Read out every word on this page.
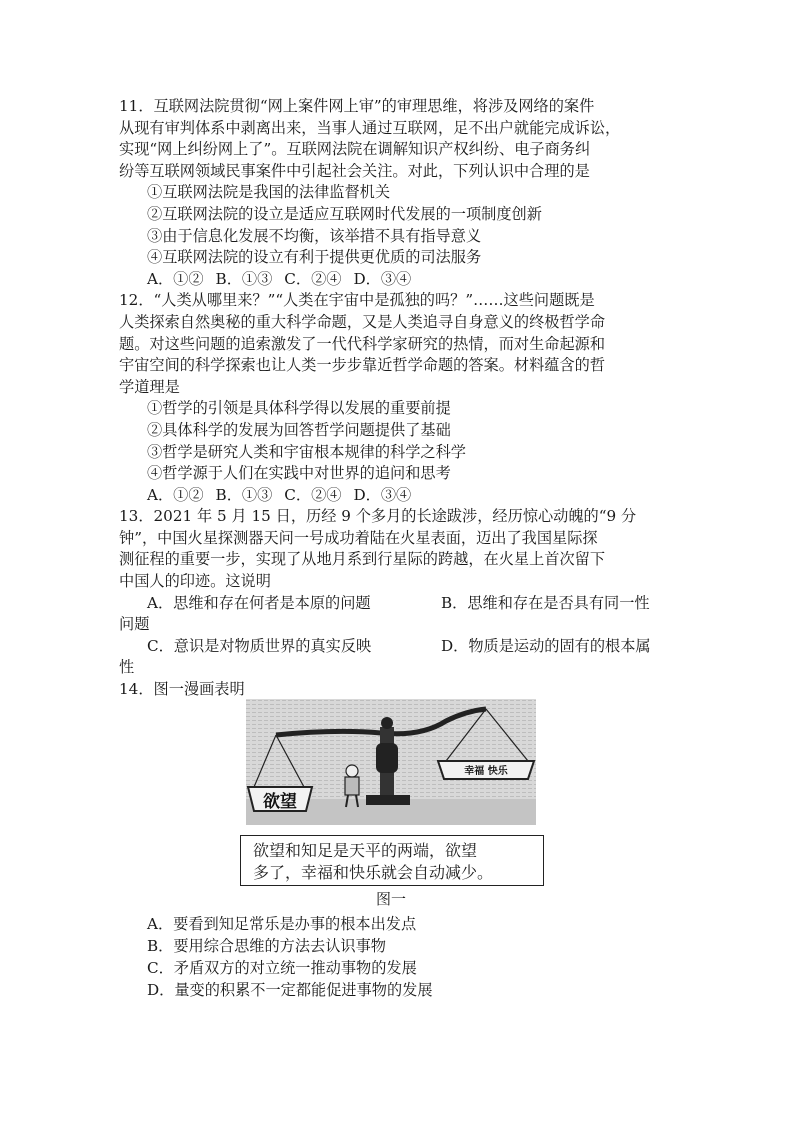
11．互联网法院贯彻“网上案件网上审”的审理思维，将涉及网络的案件
从现有审判体系中剥离出来，当事人通过互联网，足不出户就能完成诉讼，
实现“网上纠纷网上了”。互联网法院在调解知识产权纠纷、电子商务纠
纷等互联网领域民事案件中引起社会关注。对此，下列认识中合理的是
①互联网法院是我国的法律监督机关
②互联网法院的设立是适应互联网时代发展的一项制度创新
③由于信息化发展不均衡，该举措不具有指导意义
④互联网法院的设立有利于提供更优质的司法服务
A．①② B．①③ C．②④ D．③④
12．“人类从哪里来？”“人类在宇宙中是孤独的吗？”……这些问题既是
人类探索自然奥秘的重大科学命题，又是人类追寻自身意义的终极哲学命
题。对这些问题的追索激发了一代代科学家研究的热情，而对生命起源和
宇宙空间的科学探索也让人类一步步靠近哲学命题的答案。材料蕴含的哲
学道理是
①哲学的引领是具体科学得以发展的重要前提
②具体科学的发展为回答哲学问题提供了基础
③哲学是研究人类和宇宙根本规律的科学之科学
④哲学源于人们在实践中对世界的追问和思考
A．①② B．①③ C．②④ D．③④
13．2021 年 5 月 15 日，历经 9 个多月的长途跋涉，经历惊心动魄的“9 分
钟”，中国火星探测器天问一号成功着陆在火星表面，迈出了我国星际探
测征程的重要一步，实现了从地月系到行星际的跨越，在火星上首次留下
中国人的印迹。这说明
A．思维和存在何者是本原的问题	B．思维和存在是否具有同一性
问题
C．意识是对物质世界的真实反映	D．物质是运动的固有的根本属
性
14．图一漫画表明
欲望
幸福 快乐
欲望和知足是天平的两端，欲望
多了，幸福和快乐就会自动减少。
图一
A．要看到知足常乐是办事的根本出发点
B．要用综合思维的方法去认识事物
C．矛盾双方的对立统一推动事物的发展
D．量变的积累不一定都能促进事物的发展
